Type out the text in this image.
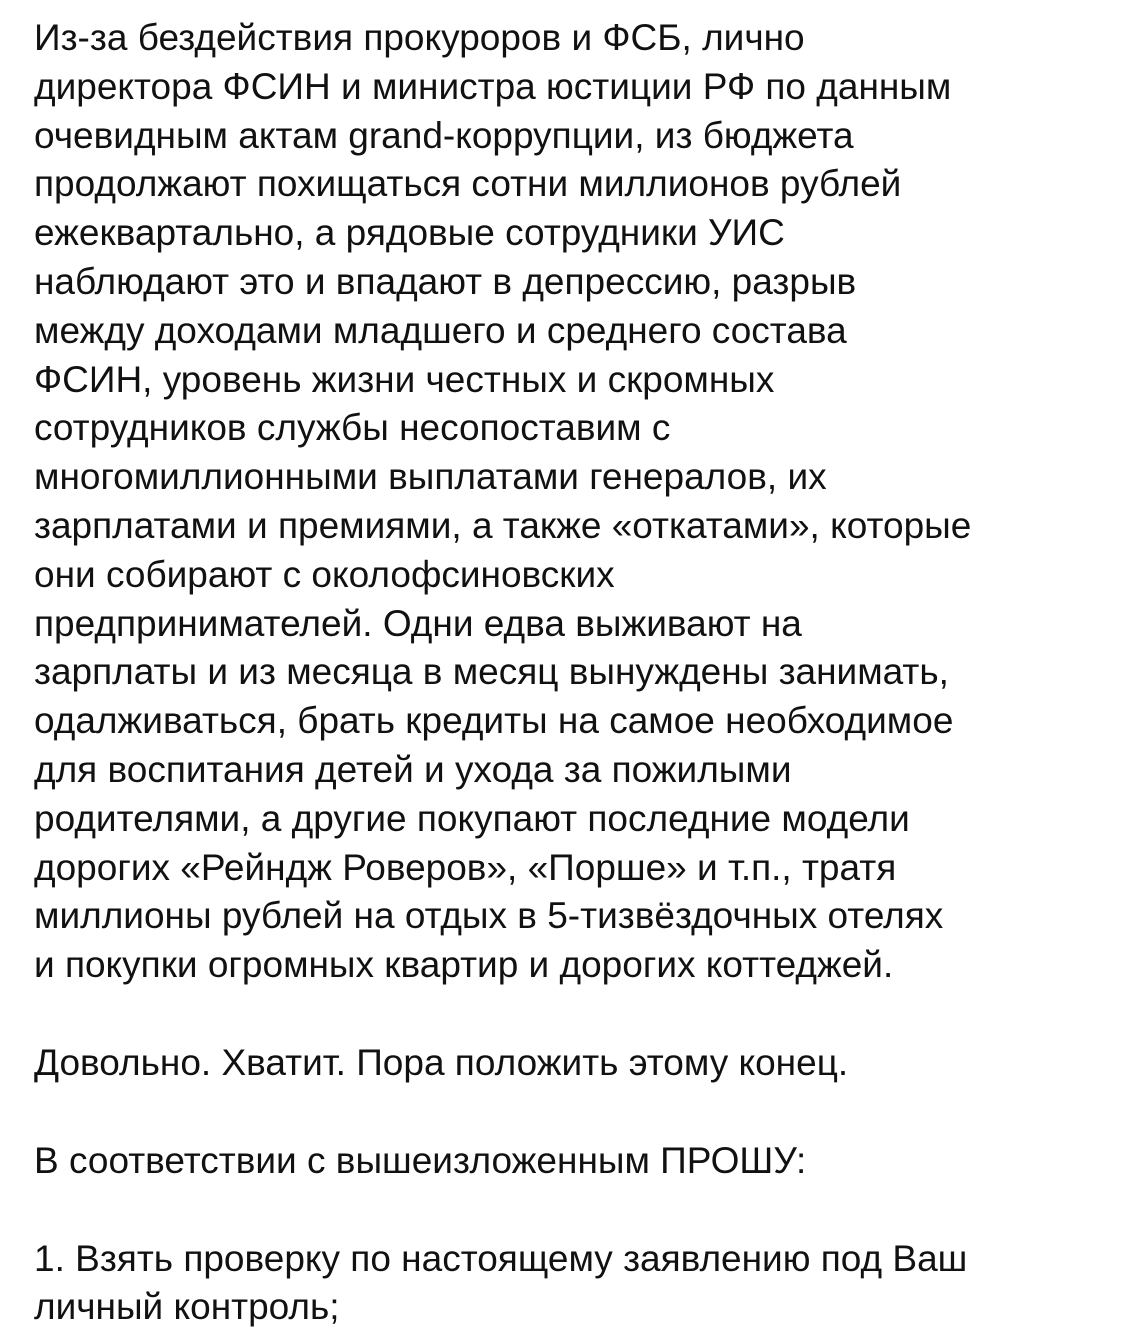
Из-за бездействия прокуроров и ФСБ, лично
директора ФСИН и министра юстиции РФ по данным
очевидным актам grand-коррупции, из бюджета
продолжают похищаться сотни миллионов рублей
ежеквартально, а рядовые сотрудники УИС
наблюдают это и впадают в депрессию, разрыв
между доходами младшего и среднего состава
ФСИН, уровень жизни честных и скромных
сотрудников службы несопоставим с
многомиллионными выплатами генералов, их
зарплатами и премиями, а также «откатами», которые
они собирают с околофсиновских
предпринимателей. Одни едва выживают на
зарплаты и из месяца в месяц вынуждены занимать,
одалживаться, брать кредиты на самое необходимое
для воспитания детей и ухода за пожилыми
родителями, а другие покупают последние модели
дорогих «Рейндж Роверов», «Порше» и т.п., тратя
миллионы рублей на отдых в 5-тизвёздочных отелях
и покупки огромных квартир и дорогих коттеджей.
Довольно. Хватит. Пора положить этому конец.
В соответствии с вышеизложенным ПРОШУ:
1. Взять проверку по настоящему заявлению под Ваш
личный контроль;
